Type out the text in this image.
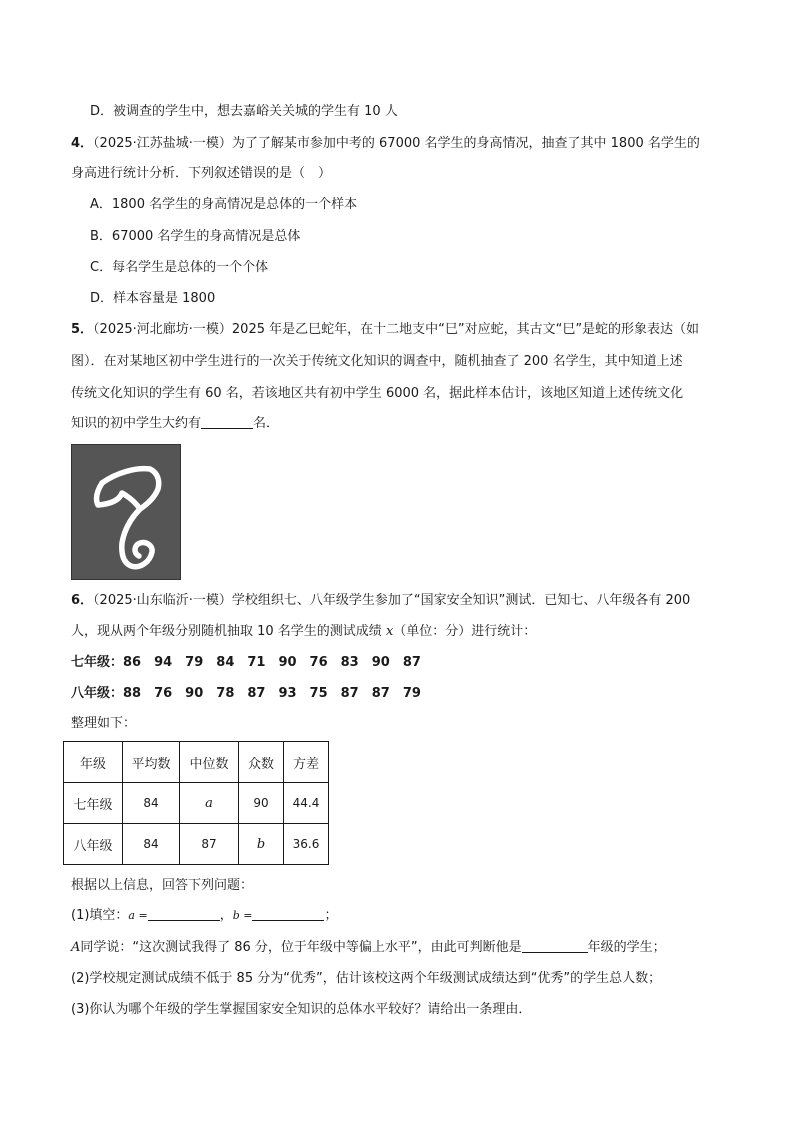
D．被调查的学生中，想去嘉峪关关城的学生有 10 人
4．（2025·江苏盐城·一模）为了了解某市参加中考的 67000 名学生的身高情况，抽查了其中 1800 名学生的
身高进行统计分析．下列叙述错误的是（　）
A．1800 名学生的身高情况是总体的一个样本
B．67000 名学生的身高情况是总体
C．每名学生是总体的一个个体
D．样本容量是 1800
5．（2025·河北廊坊·一模）2025 年是乙巳蛇年，在十二地支中“巳”对应蛇，其古文“巳”是蛇的形象表达（如
图）．在对某地区初中学生进行的一次关于传统文化知识的调查中，随机抽查了 200 名学生，其中知道上述
传统文化知识的学生有 60 名，若该地区共有初中学生 6000 名，据此样本估计，该地区知道上述传统文化
知识的初中学生大约有	名．
6．（2025·山东临沂·一模）学校组织七、八年级学生参加了“国家安全知识”测试．已知七、八年级各有 200
人，现从两个年级分别随机抽取 10 名学生的测试成绩 x（单位：分）进行统计：
七年级：86　94　79　84　71　90　76　83　90　87
八年级：88　76　90　78　87　93　75　87　87　79
整理如下：
年级	平均数	中位数	众数	方差
七年级	84	a	90	44.4
八年级	84	87	b	36.6
根据以上信息，回答下列问题：
(1)填空：a =	，b =	；
A同学说：“这次测试我得了 86 分，位于年级中等偏上水平”，由此可判断他是	年级的学生；
(2)学校规定测试成绩不低于 85 分为“优秀”，估计该校这两个年级测试成绩达到“优秀”的学生总人数；
(3)你认为哪个年级的学生掌握国家安全知识的总体水平较好？请给出一条理由．
